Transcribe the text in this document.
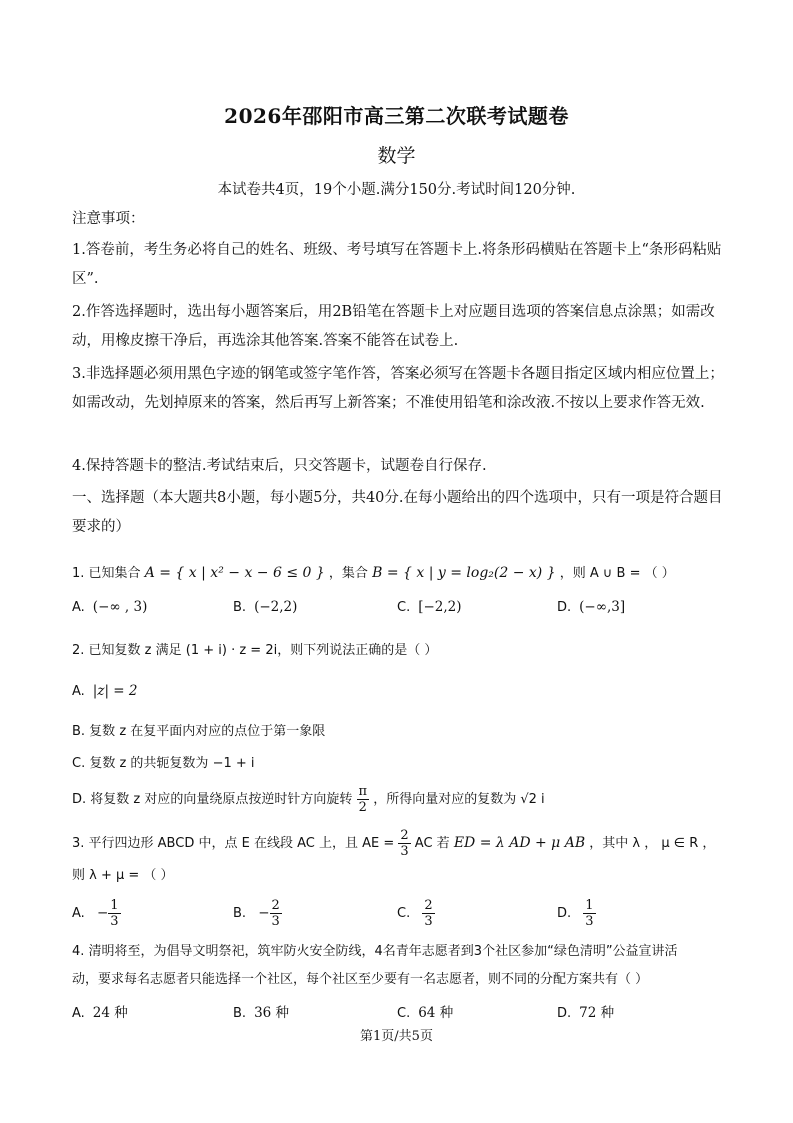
2026年邵阳市高三第二次联考试题卷
数学
本试卷共4页，19个小题.满分150分.考试时间120分钟.
注意事项：
1.答卷前，考生务必将自己的姓名、班级、考号填写在答题卡上.将条形码横贴在答题卡上“条形码粘贴区”.
2.作答选择题时，选出每小题答案后，用2B铅笔在答题卡上对应题目选项的答案信息点涂黑；如需改动，用橡皮擦干净后，再选涂其他答案.答案不能答在试卷上.
3.非选择题必须用黑色字迹的钢笔或签字笔作答，答案必须写在答题卡各题目指定区域内相应位置上；如需改动，先划掉原来的答案，然后再写上新答案；不准使用铅笔和涂改液.不按以上要求作答无效.
4.保持答题卡的整洁.考试结束后，只交答题卡，试题卷自行保存.
一、选择题（本大题共8小题，每小题5分，共40分.在每小题给出的四个选项中，只有一项是符合题目要求的）
1. 已知集合 A = { x | x² − x − 6 ≤ 0 } ，集合 B = { x | y = log₂(2 − x) } ，则 A ∪ B = （ ）
A. (−∞ , 3)	B. (−2,2)	C. [−2,2)	D. (−∞,3]
2. 已知复数 z 满足 (1 + i) · z = 2i，则下列说法正确的是（ ）
A. |z| = 2
B. 复数 z 在复平面内对应的点位于第一象限
C. 复数 z 的共轭复数为 −1 + i
D. 将复数 z 对应的向量绕原点按逆时针方向旋转 $\frac{\pi}{2}$ ，所得向量对应的复数为 √2 i
3. 平行四边形 ABCD 中，点 E 在线段 AC 上，且 AE = $\frac{2}{3}$ AC 若 ED = λ AD + μ AB ，其中 λ ， μ ∈ R ，
则 λ + μ = （ ）
A. − $\frac{1}{3}$	B. − $\frac{2}{3}$	C. $\frac{2}{3}$	D. $\frac{1}{3}$
4. 清明将至，为倡导文明祭祀，筑牢防火安全防线，4名青年志愿者到3个社区参加“绿色清明”公益宣讲活
动，要求每名志愿者只能选择一个社区，每个社区至少要有一名志愿者，则不同的分配方案共有（ ）
A. 24 种	B. 36 种	C. 64 种	D. 72 种
第1页/共5页
